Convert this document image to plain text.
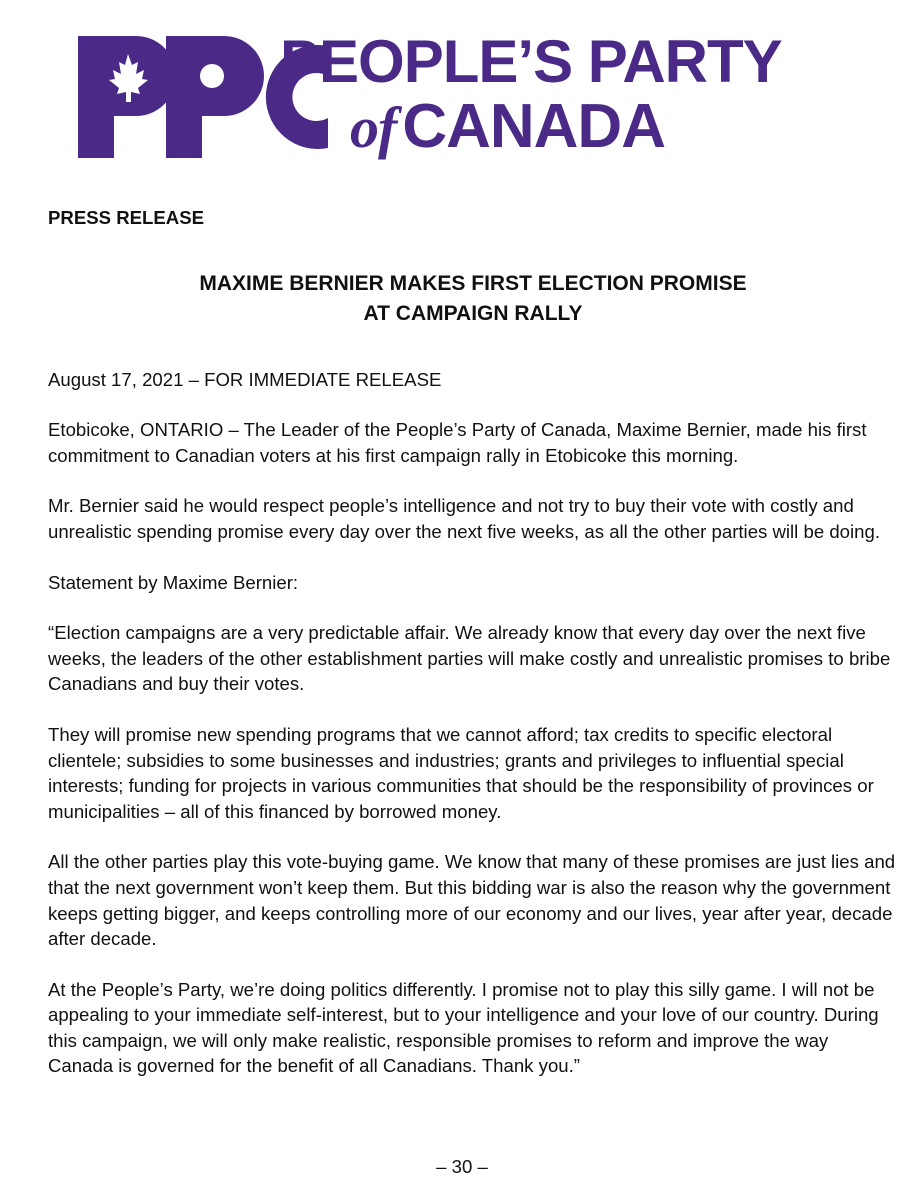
PEOPLE’S PARTY
ofCANADA

PRESS RELEASE

MAXIME BERNIER MAKES FIRST ELECTION PROMISE
AT CAMPAIGN RALLY

August 17, 2021 – FOR IMMEDIATE RELEASE

Etobicoke, ONTARIO – The Leader of the People’s Party of Canada, Maxime Bernier, made his first commitment to Canadian voters at his first campaign rally in Etobicoke this morning.

Mr. Bernier said he would respect people’s intelligence and not try to buy their vote with costly and unrealistic spending promise every day over the next five weeks, as all the other parties will be doing.

Statement by Maxime Bernier:

“Election campaigns are a very predictable affair. We already know that every day over the next five weeks, the leaders of the other establishment parties will make costly and unrealistic promises to bribe Canadians and buy their votes.

They will promise new spending programs that we cannot afford; tax credits to specific electoral clientele; subsidies to some businesses and industries; grants and privileges to influential special interests; funding for projects in various communities that should be the responsibility of provinces or municipalities – all of this financed by borrowed money.

All the other parties play this vote-buying game. We know that many of these promises are just lies and that the next government won’t keep them. But this bidding war is also the reason why the government keeps getting bigger, and keeps controlling more of our economy and our lives, year after year, decade after decade.

At the People’s Party, we’re doing politics differently. I promise not to play this silly game. I will not be appealing to your immediate self-interest, but to your intelligence and your love of our country. During this campaign, we will only make realistic, responsible promises to reform and improve the way Canada is governed for the benefit of all Canadians. Thank you.”

– 30 –
